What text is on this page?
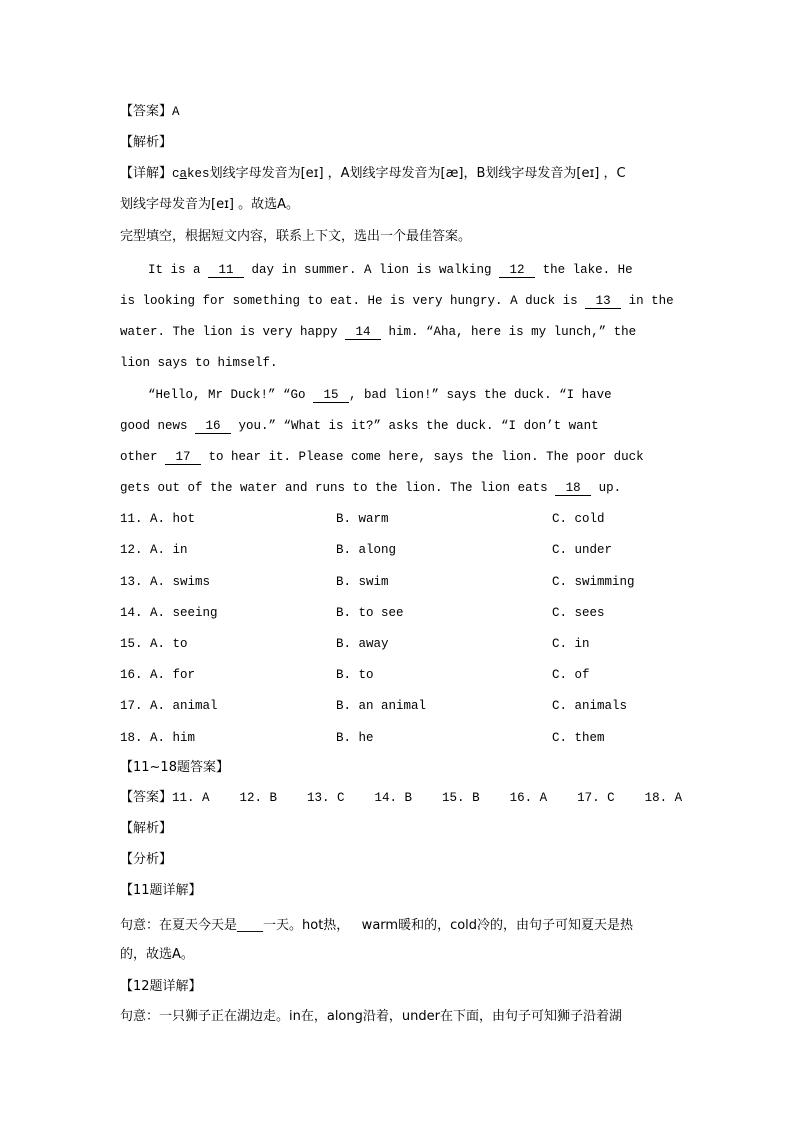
【答案】A
【解析】
【详解】cakes划线字母发音为[eɪ] ，A划线字母发音为[æ]，B划线字母发音为[eɪ] ，C
划线字母发音为[eɪ] 。故选A。
完型填空，根据短文内容，联系上下文，选出一个最佳答案。
It is a 11 day in summer. A lion is walking 12 the lake. He
is looking for something to eat. He is very hungry. A duck is 13 in the
water. The lion is very happy 14 him. “Aha, here is my lunch,” the
lion says to himself.
“Hello, Mr Duck!” “Go 15 , bad lion!” says the duck. “I have
good news 16 you.” “What is it?” asks the duck. “I don’t want
other 17 to hear it. Please come here, says the lion. The poor duck
gets out of the water and runs to the lion. The lion eats 18 up.
11. A. hot	B. warm	C. cold
12. A. in	B. along	C. under
13. A. swims	B. swim	C. swimming
14. A. seeing	B. to see	C. sees
15. A. to	B. away	C. in
16. A. for	B. to	C. of
17. A. animal	B. an animal	C. animals
18. A. him	B. he	C. them
【11~18题答案】
【答案】11. A    12. B    13. C    14. B    15. B    16. A    17. C    18. A
【解析】
【分析】
【11题详解】
句意：在夏天今天是____一天。hot热，   warm暖和的，cold冷的，由句子可知夏天是热
的，故选A。
【12题详解】
句意：一只狮子正在湖边走。in在，along沿着，under在下面，由句子可知狮子沿着湖
